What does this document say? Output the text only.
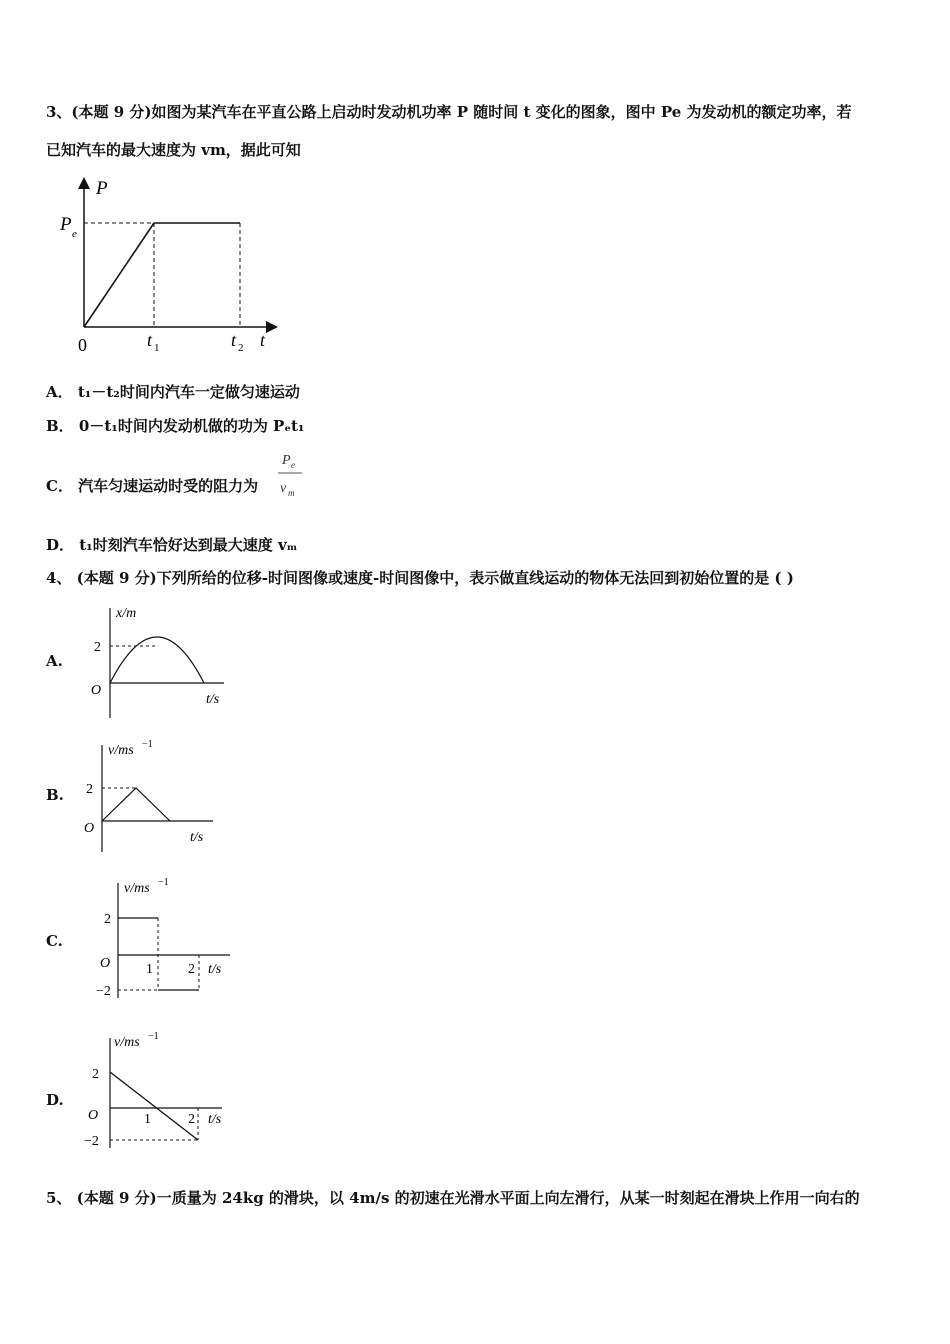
3、(本题 9 分)如图为某汽车在平直公路上启动时发动机功率 P 随时间 t 变化的图象，图中 Pe 为发动机的额定功率，若
已知汽车的最大速度为 vm，据此可知
P
P e
0	t 1	t 2 t
A． t₁－t₂时间内汽车一定做匀速运动
B． 0－t₁时间内发动机做的功为 Pₑt₁
C． 汽车匀速运动时受的阻力为
P e
v m
D． t₁时刻汽车恰好达到最大速度 vₘ
4、 (本题 9 分)下列所给的位移-时间图像或速度-时间图像中，表示做直线运动的物体无法回到初始位置的是 ( )
A.
x/m
2
O
t/s
B.
v/ms −1
2
O
t/s
C.
v/ms −1
2
−2
O	1	2 t/s
D.
v/ms −1
2
−2
O	1	2 t/s
5、 (本题 9 分)一质量为 24kg 的滑块，以 4m/s 的初速在光滑水平面上向左滑行，从某一时刻起在滑块上作用一向右的
